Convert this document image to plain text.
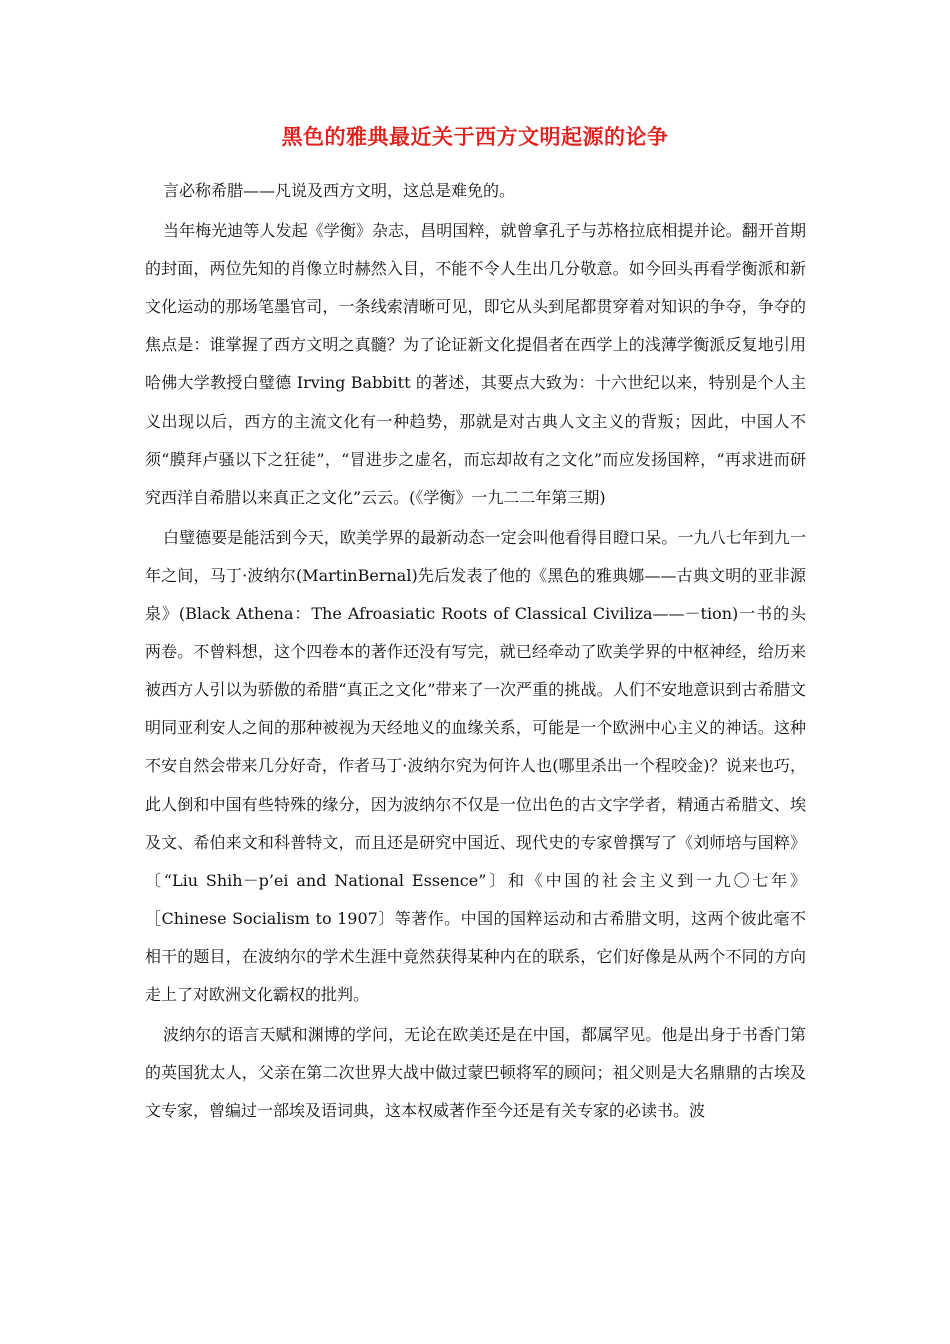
黑色的雅典最近关于西方文明起源的论争

言必称希腊——凡说及西方文明，这总是难免的。

当年梅光迪等人发起《学衡》杂志，昌明国粹，就曾拿孔子与苏格拉底相提并论。翻开首期的封面，两位先知的肖像立时赫然入目，不能不令人生出几分敬意。如今回头再看学衡派和新文化运动的那场笔墨官司，一条线索清晰可见，即它从头到尾都贯穿着对知识的争夺，争夺的焦点是：谁掌握了西方文明之真髓？为了论证新文化提倡者在西学上的浅薄学衡派反复地引用哈佛大学教授白璧德 Irving Babbitt 的著述，其要点大致为：十六世纪以来，特别是个人主义出现以后，西方的主流文化有一种趋势，那就是对古典人文主义的背叛；因此，中国人不须“膜拜卢骚以下之狂徒”，“冒进步之虚名，而忘却故有之文化”而应发扬国粹，“再求进而研究西洋自希腊以来真正之文化”云云。(《学衡》一九二二年第三期)

白璧德要是能活到今天，欧美学界的最新动态一定会叫他看得目瞪口呆。一九八七年到九一年之间，马丁·波纳尔(MartinBernal)先后发表了他的《黑色的雅典娜——古典文明的亚非源泉》(Black Athena：The Afroasiatic Roots of Classical Civiliza——－tion)一书的头两卷。不曾料想，这个四卷本的著作还没有写完，就已经牵动了欧美学界的中枢神经，给历来被西方人引以为骄傲的希腊“真正之文化”带来了一次严重的挑战。人们不安地意识到古希腊文明同亚利安人之间的那种被视为天经地义的血缘关系，可能是一个欧洲中心主义的神话。这种不安自然会带来几分好奇，作者马丁·波纳尔究为何许人也(哪里杀出一个程咬金)？说来也巧，此人倒和中国有些特殊的缘分，因为波纳尔不仅是一位出色的古文字学者，精通古希腊文、埃及文、希伯来文和科普特文，而且还是研究中国近、现代史的专家曾撰写了《刘师培与国粹》〔“Liu Shih－p’ei and National Essence”〕和《中国的社会主义到一九〇七年》［Chinese Socialism to 1907〕等著作。中国的国粹运动和古希腊文明，这两个彼此毫不相干的题目，在波纳尔的学术生涯中竟然获得某种内在的联系，它们好像是从两个不同的方向走上了对欧洲文化霸权的批判。

波纳尔的语言天赋和渊博的学问，无论在欧美还是在中国，都属罕见。他是出身于书香门第的英国犹太人，父亲在第二次世界大战中做过蒙巴顿将军的顾问；祖父则是大名鼎鼎的古埃及文专家，曾编过一部埃及语词典，这本权威著作至今还是有关专家的必读书。波
